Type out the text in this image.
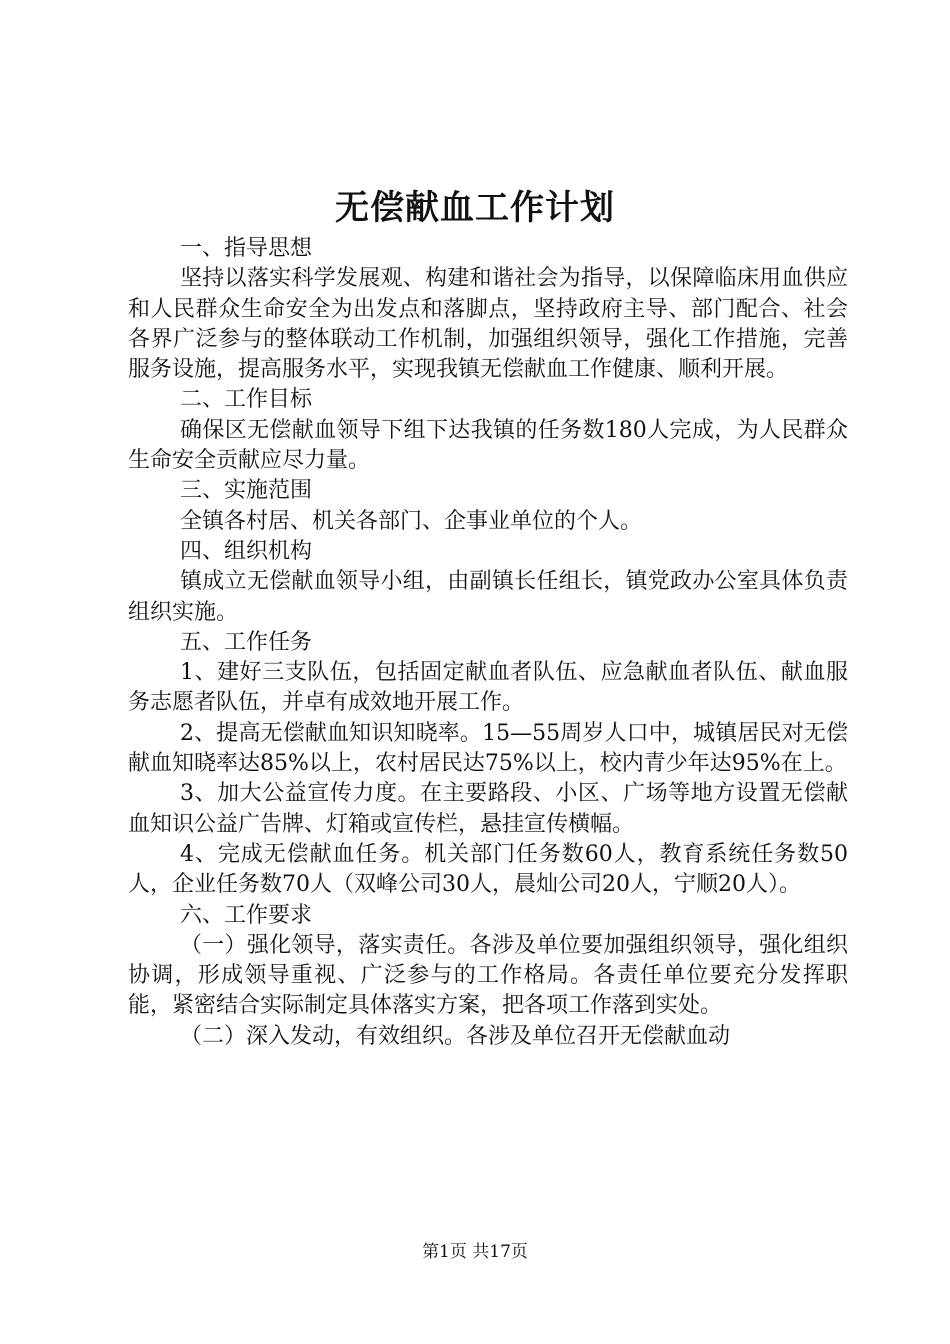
无偿献血工作计划

一、指导思想

坚持以落实科学发展观、构建和谐社会为指导，以保障临床用血供应和人民群众生命安全为出发点和落脚点，坚持政府主导、部门配合、社会各界广泛参与的整体联动工作机制，加强组织领导，强化工作措施，完善服务设施，提高服务水平，实现我镇无偿献血工作健康、顺利开展。

二、工作目标

确保区无偿献血领导下组下达我镇的任务数180人完成，为人民群众生命安全贡献应尽力量。

三、实施范围

全镇各村居、机关各部门、企事业单位的个人。

四、组织机构

镇成立无偿献血领导小组，由副镇长任组长，镇党政办公室具体负责组织实施。

五、工作任务

1、建好三支队伍，包括固定献血者队伍、应急献血者队伍、献血服务志愿者队伍，并卓有成效地开展工作。

2、提高无偿献血知识知晓率。15—55周岁人口中，城镇居民对无偿献血知晓率达85%以上，农村居民达75%以上，校内青少年达95%在上。

3、加大公益宣传力度。在主要路段、小区、广场等地方设置无偿献血知识公益广告牌、灯箱或宣传栏，悬挂宣传横幅。

4、完成无偿献血任务。机关部门任务数60人，教育系统任务数50人，企业任务数70人（双峰公司30人，晨灿公司20人，宁顺20人）。

六、工作要求

（一）强化领导，落实责任。各涉及单位要加强组织领导，强化组织协调，形成领导重视、广泛参与的工作格局。各责任单位要充分发挥职能，紧密结合实际制定具体落实方案，把各项工作落到实处。

（二）深入发动，有效组织。各涉及单位召开无偿献血动

第1页 共17页
